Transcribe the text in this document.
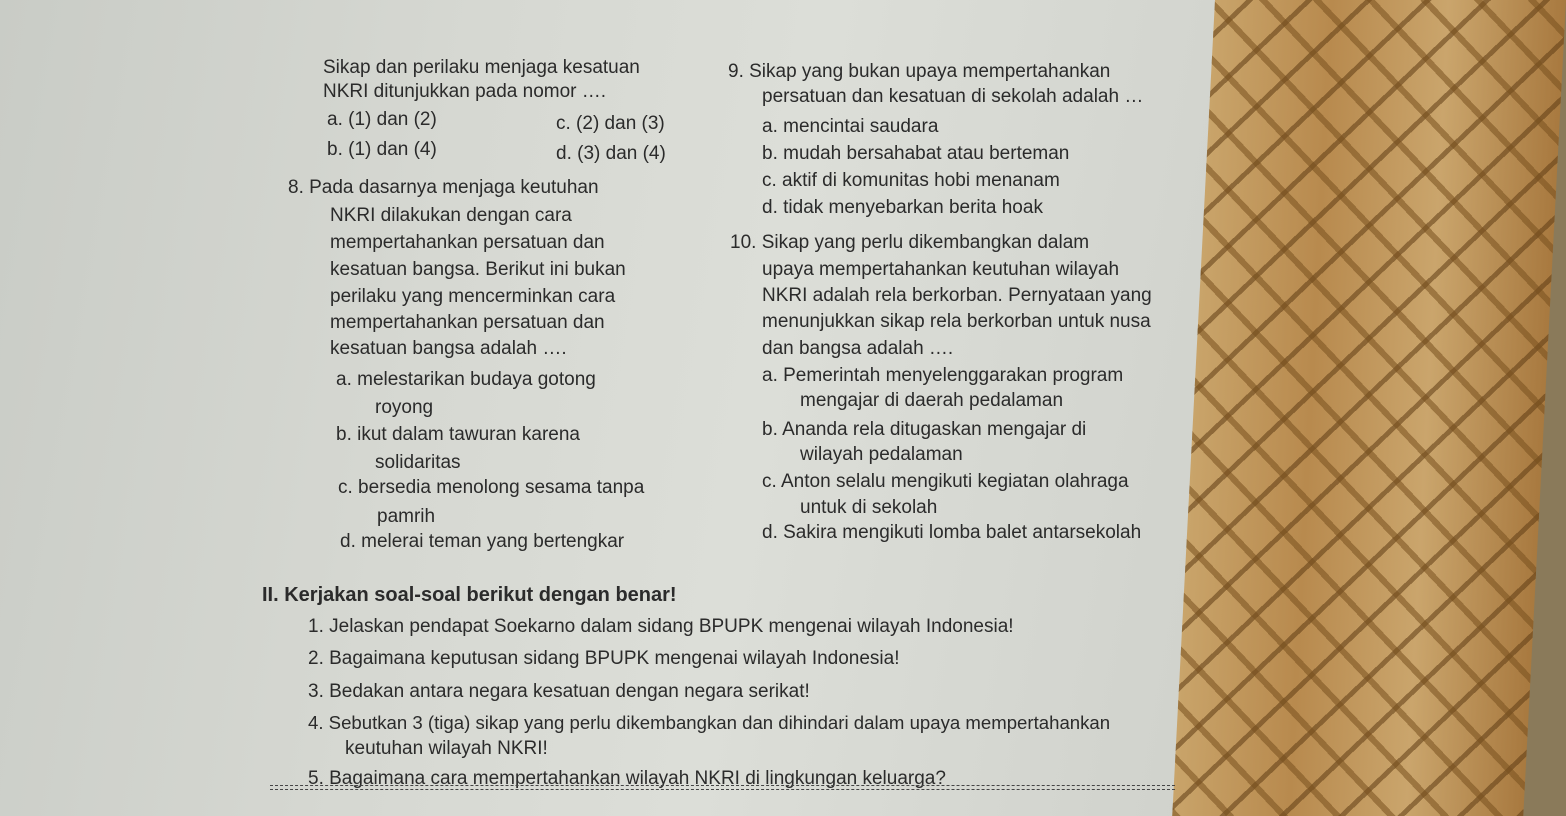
Sikap dan perilaku menjaga kesatuan
NKRI ditunjukkan pada nomor ….
a. (1) dan (2)	c. (2) dan (3)
b. (1) dan (4)	d. (3) dan (4)
8. Pada dasarnya menjaga keutuhan
NKRI dilakukan dengan cara
mempertahankan persatuan dan
kesatuan bangsa. Berikut ini bukan
perilaku yang mencerminkan cara
mempertahankan persatuan dan
kesatuan bangsa adalah ….
a. melestarikan budaya gotong
royong
b. ikut dalam tawuran karena
solidaritas
c. bersedia menolong sesama tanpa
pamrih
d. melerai teman yang bertengkar
9. Sikap yang bukan upaya mempertahankan
persatuan dan kesatuan di sekolah adalah …
a. mencintai saudara
b. mudah bersahabat atau berteman
c. aktif di komunitas hobi menanam
d. tidak menyebarkan berita hoak
10. Sikap yang perlu dikembangkan dalam
upaya mempertahankan keutuhan wilayah
NKRI adalah rela berkorban. Pernyataan yang
menunjukkan sikap rela berkorban untuk nusa
dan bangsa adalah ….
a. Pemerintah menyelenggarakan program
mengajar di daerah pedalaman
b. Ananda rela ditugaskan mengajar di
wilayah pedalaman
c. Anton selalu mengikuti kegiatan olahraga
untuk di sekolah
d. Sakira mengikuti lomba balet antarsekolah
II. Kerjakan soal-soal berikut dengan benar!
1. Jelaskan pendapat Soekarno dalam sidang BPUPK mengenai wilayah Indonesia!
2. Bagaimana keputusan sidang BPUPK mengenai wilayah Indonesia!
3. Bedakan antara negara kesatuan dengan negara serikat!
4. Sebutkan 3 (tiga) sikap yang perlu dikembangkan dan dihindari dalam upaya mempertahankan
keutuhan wilayah NKRI!
5. Bagaimana cara mempertahankan wilayah NKRI di lingkungan keluarga?
